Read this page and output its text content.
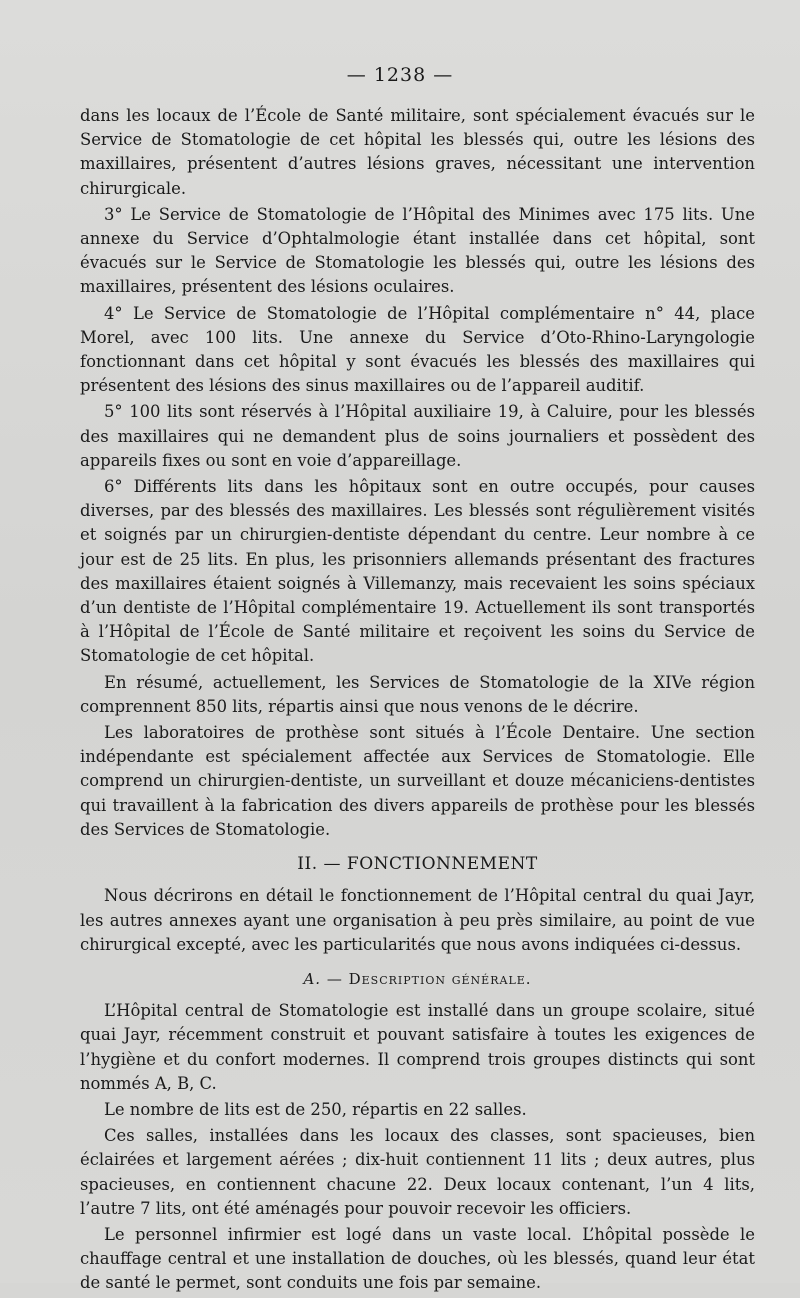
— 1238 —

dans les locaux de l’École de Santé militaire, sont spécialement évacués sur le Service de Stomatologie de cet hôpital les blessés qui, outre les lésions des maxillaires, présentent d’autres lésions graves, nécessitant une intervention chirurgicale.

3° Le Service de Stomatologie de l’Hôpital des Minimes avec 175 lits. Une annexe du Service d’Ophtalmologie étant installée dans cet hôpital, sont évacués sur le Service de Stomatologie les blessés qui, outre les lésions des maxillaires, présentent des lésions oculaires.

4° Le Service de Stomatologie de l’Hôpital complémentaire n° 44, place Morel, avec 100 lits. Une annexe du Service d’Oto-Rhino-Laryngologie fonctionnant dans cet hôpital y sont évacués les blessés des maxillaires qui présentent des lésions des sinus maxillaires ou de l’appareil auditif.

5° 100 lits sont réservés à l’Hôpital auxiliaire 19, à Caluire, pour les blessés des maxillaires qui ne demandent plus de soins journaliers et possèdent des appareils fixes ou sont en voie d’appareillage.

6° Différents lits dans les hôpitaux sont en outre occupés, pour causes diverses, par des blessés des maxillaires. Les blessés sont régulièrement visités et soignés par un chirurgien-dentiste dépendant du centre. Leur nombre à ce jour est de 25 lits. En plus, les prisonniers allemands présentant des fractures des maxillaires étaient soignés à Villemanzy, mais recevaient les soins spéciaux d’un dentiste de l’Hôpital complémentaire 19. Actuellement ils sont transportés à l’Hôpital de l’École de Santé militaire et reçoivent les soins du Service de Stomatologie de cet hôpital.

En résumé, actuellement, les Services de Stomatologie de la XIVe région comprennent 850 lits, répartis ainsi que nous venons de le décrire.

Les laboratoires de prothèse sont situés à l’École Dentaire. Une section indépendante est spécialement affectée aux Services de Stomatologie. Elle comprend un chirurgien-dentiste, un surveillant et douze mécaniciens-dentistes qui travaillent à la fabrication des divers appareils de prothèse pour les blessés des Services de Stomatologie.

II. — FONCTIONNEMENT

Nous décrirons en détail le fonctionnement de l’Hôpital central du quai Jayr, les autres annexes ayant une organisation à peu près similaire, au point de vue chirurgical excepté, avec les particularités que nous avons indiquées ci-dessus.

A. — Description générale.

L’Hôpital central de Stomatologie est installé dans un groupe scolaire, situé quai Jayr, récemment construit et pouvant satisfaire à toutes les exigences de l’hygiène et du confort modernes. Il comprend trois groupes distincts qui sont nommés A, B, C.

Le nombre de lits est de 250, répartis en 22 salles.

Ces salles, installées dans les locaux des classes, sont spacieuses, bien éclairées et largement aérées ; dix-huit contiennent 11 lits ; deux autres, plus spacieuses, en contiennent chacune 22. Deux locaux contenant, l’un 4 lits, l’autre 7 lits, ont été aménagés pour pouvoir recevoir les officiers.

Le personnel infirmier est logé dans un vaste local. L’hôpital possède le chauffage central et une installation de douches, où les blessés, quand leur état de santé le permet, sont conduits une fois par semaine.
